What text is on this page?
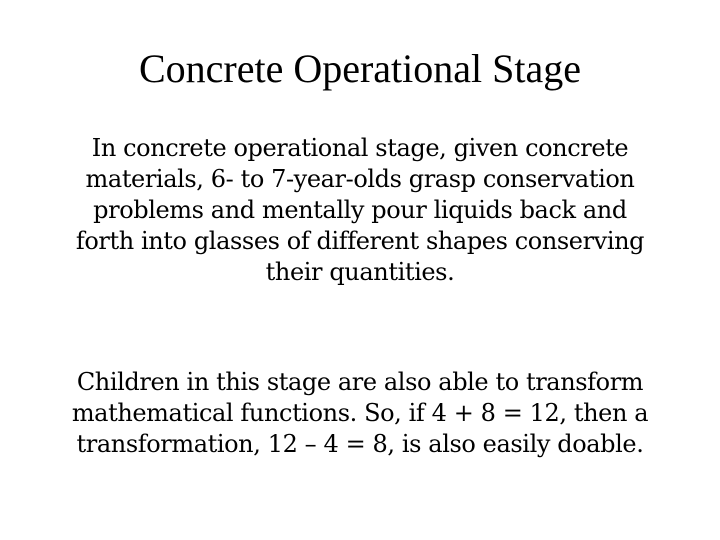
Concrete Operational Stage

In concrete operational stage, given concrete
materials, 6- to 7-year-olds grasp conservation
problems and mentally pour liquids back and
forth into glasses of different shapes conserving
their quantities.

Children in this stage are also able to transform
mathematical functions. So, if 4 + 8 = 12, then a
transformation, 12 – 4 = 8, is also easily doable.
